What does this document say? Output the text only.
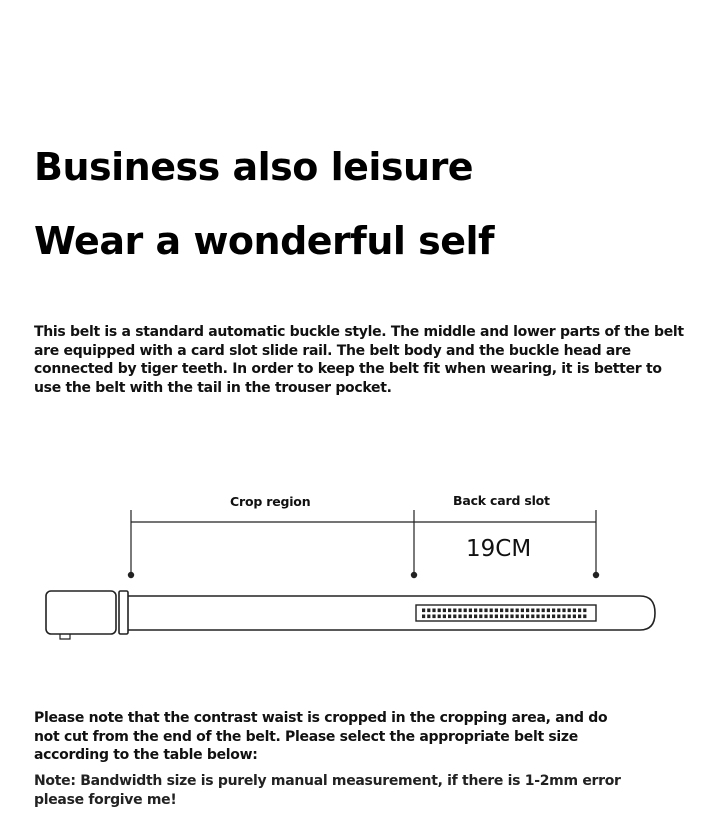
Business also leisure
Wear a wonderful self

This belt is a standard automatic buckle style. The middle and lower parts of the belt are equipped with a card slot slide rail. The belt body and the buckle head are connected by tiger teeth. In order to keep the belt fit when wearing, it is better to use the belt with the tail in the trouser pocket.

Crop region	Back card slot
19CM

Please note that the contrast waist is cropped in the cropping area, and do not cut from the end of the belt. Please select the appropriate belt size according to the table below:

Note: Bandwidth size is purely manual measurement, if there is 1-2mm error please forgive me!
